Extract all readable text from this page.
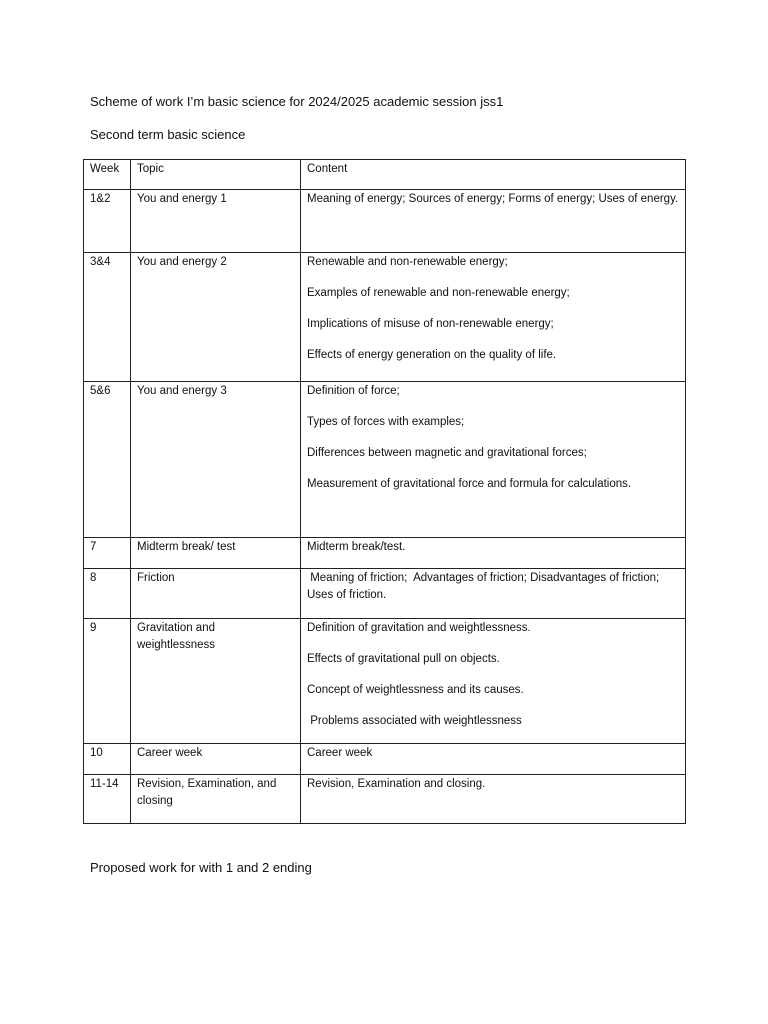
Scheme of work I’m basic science for 2024/2025 academic session jss1
Second term basic science
Week	Topic	Content
1&2	You and energy 1	Meaning of energy; Sources of energy; Forms of energy; Uses of energy.

3&4	You and energy 2	Renewable and non-renewable energy;
Examples of renewable and non-renewable energy;
Implications of misuse of non-renewable energy;
Effects of energy generation on the quality of life.

5&6	You and energy 3	Definition of force;
Types of forces with examples;
Differences between magnetic and gravitational forces;
Measurement of gravitational force and formula for calculations.

7	Midterm break/ test	Midterm break/test.

8	Friction	Meaning of friction;  Advantages of friction; Disadvantages of friction; Uses of friction.

9	Gravitation and weightlessness	Definition of gravitation and weightlessness.
Effects of gravitational pull on objects.
Concept of weightlessness and its causes.
Problems associated with weightlessness

10	Career week	Career week

11-14	Revision, Examination, and closing	Revision, Examination and closing.
Proposed work for with 1 and 2 ending
